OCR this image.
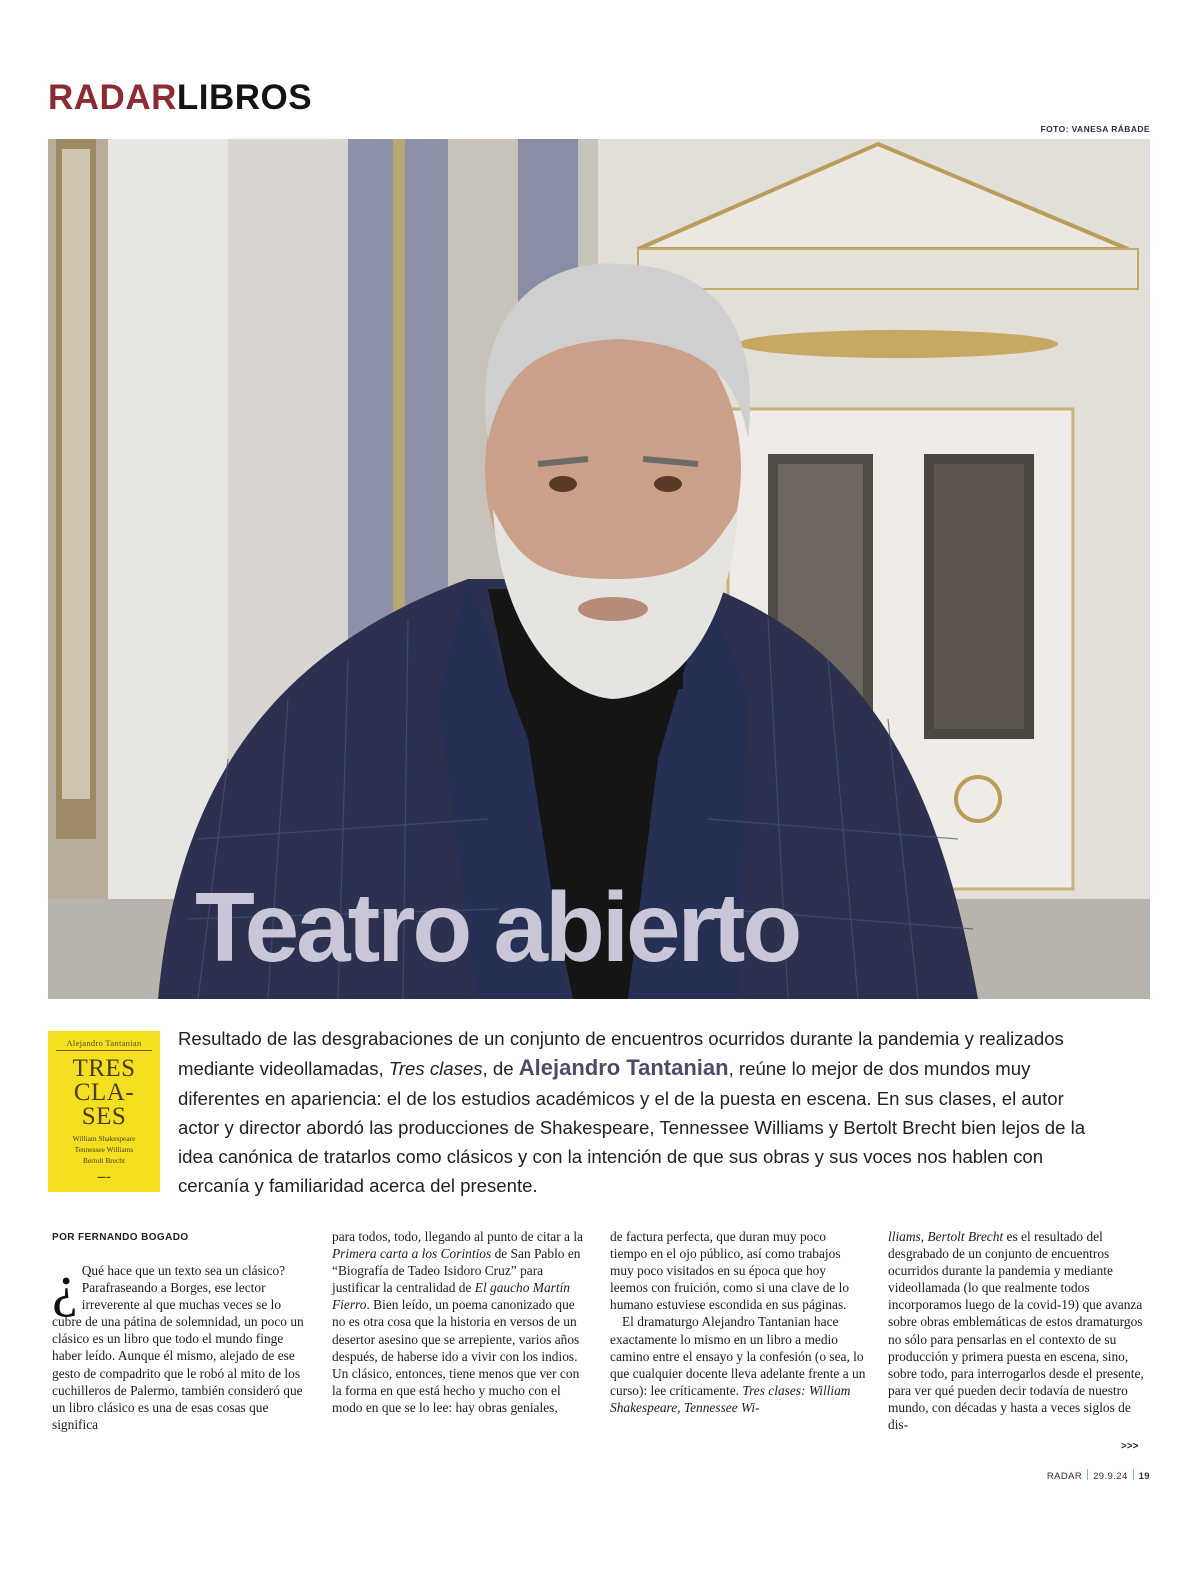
RADARLIBROS
FOTO: VANESA RÁBADE
Teatro abierto
Alejandro Tantanian
TRES
CLA-
SES
William Shakespeare
Tennessee Williams
Bertolt Brecht
▬▬ ▬
Resultado de las desgrabaciones de un conjunto de encuentros ocurridos durante la pandemia y realizados mediante videollamadas, Tres clases, de Alejandro Tantanian, reúne lo mejor de dos mundos muy diferentes en apariencia: el de los estudios académicos y el de la puesta en escena. En sus clases, el autor actor y director abordó las producciones de Shakespeare, Tennessee Williams y Bertolt Brecht bien lejos de la idea canónica de tratarlos como clásicos y con la intención de que sus obras y sus voces nos hablen con cercanía y familiaridad acerca del presente.
POR FERNANDO BOGADO

¿ Qué hace que un texto sea un clásico? Parafraseando a Borges, ese lector irreverente al que muchas veces se lo cubre de una pátina de solemnidad, un poco un clásico es un libro que todo el mundo finge haber leído. Aunque él mismo, alejado de ese gesto de compadrito que le robó al mito de los cuchilleros de Palermo, también consideró que un libro clásico es una de esas cosas que significa

para todos, todo, llegando al punto de citar a la Primera carta a los Corintios de San Pablo en “Biografía de Tadeo Isidoro Cruz” para justificar la centralidad de El gaucho Martín Fierro. Bien leído, un poema canonizado que no es otra cosa que la historia en versos de un desertor asesino que se arrepiente, varios años después, de haberse ido a vivir con los indios. Un clásico, entonces, tiene menos que ver con la forma en que está hecho y mucho con el modo en que se lo lee: hay obras geniales,

de factura perfecta, que duran muy poco tiempo en el ojo público, así como trabajos muy poco visitados en su época que hoy leemos con fruición, como si una clave de lo humano estuviese escondida en sus páginas.

El dramaturgo Alejandro Tantanian hace exactamente lo mismo en un libro a medio camino entre el ensayo y la confesión (o sea, lo que cualquier docente lleva adelante frente a un curso): lee críticamente. Tres clases: William Shakespeare, Tennessee Wi-

lliams, Bertolt Brecht es el resultado del desgrabado de un conjunto de encuentros ocurridos durante la pandemia y mediante videollamada (lo que realmente todos incorporamos luego de la covid-19) que avanza sobre obras emblemáticas de estos dramaturgos no sólo para pensarlas en el contexto de su producción y primera puesta en escena, sino, sobre todo, para interrogarlos desde el presente, para ver qué pueden decir todavía de nuestro mundo, con décadas y hasta a veces siglos de dis-

>>>
RADAR 29.9.24 19
